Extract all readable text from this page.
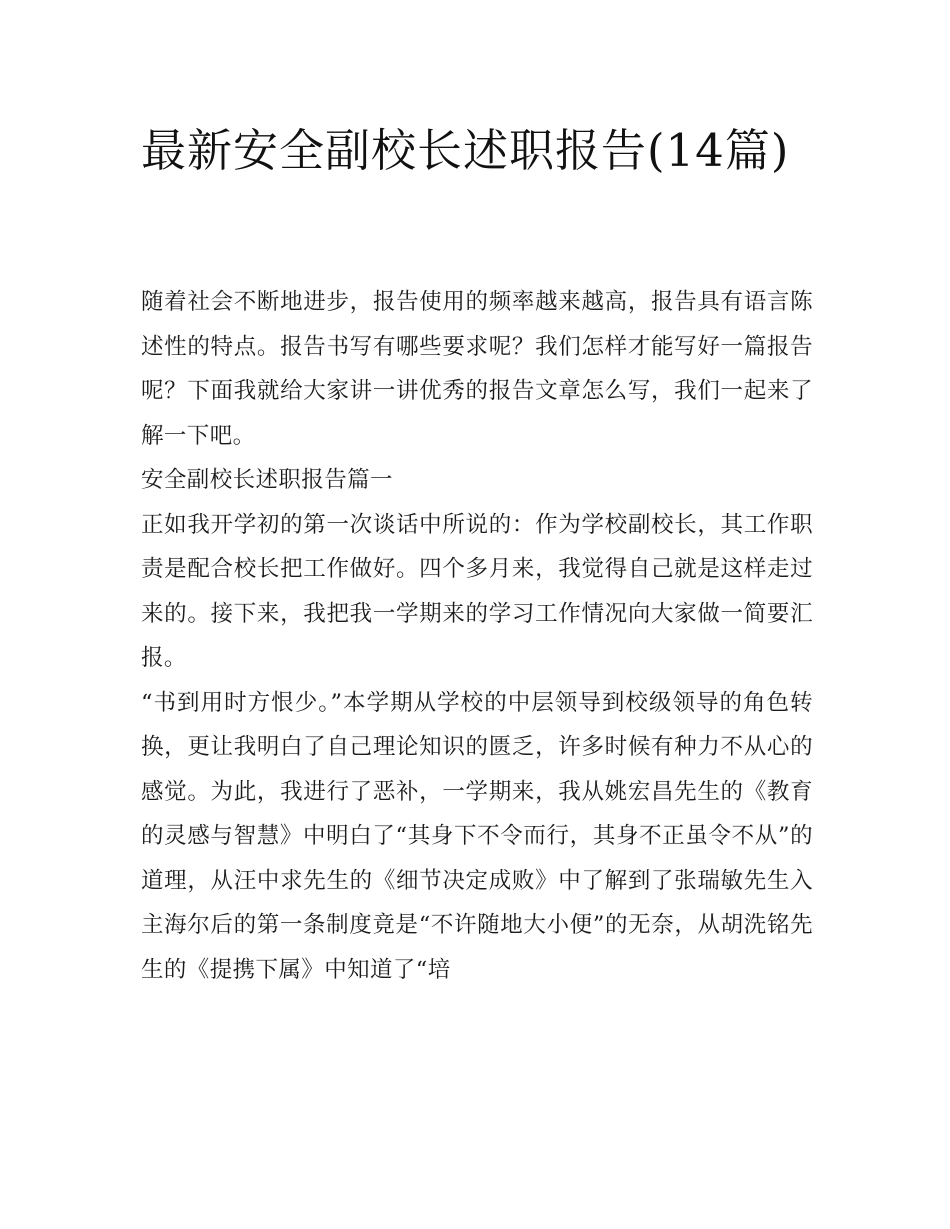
最新安全副校长述职报告(14篇)

随着社会不断地进步，报告使用的频率越来越高，报告具有语言陈述性的特点。报告书写有哪些要求呢？我们怎样才能写好一篇报告呢？下面我就给大家讲一讲优秀的报告文章怎么写，我们一起来了解一下吧。

安全副校长述职报告篇一

正如我开学初的第一次谈话中所说的：作为学校副校长，其工作职责是配合校长把工作做好。四个多月来，我觉得自己就是这样走过来的。接下来，我把我一学期来的学习工作情况向大家做一简要汇报。

“书到用时方恨少。”本学期从学校的中层领导到校级领导的角色转换，更让我明白了自己理论知识的匮乏，许多时候有种力不从心的感觉。为此，我进行了恶补，一学期来，我从姚宏昌先生的《教育的灵感与智慧》中明白了“其身下不令而行，其身不正虽令不从”的道理，从汪中求先生的《细节决定成败》中了解到了张瑞敏先生入主海尔后的第一条制度竟是“不许随地大小便”的无奈，从胡洗铭先生的《提携下属》中知道了“培
